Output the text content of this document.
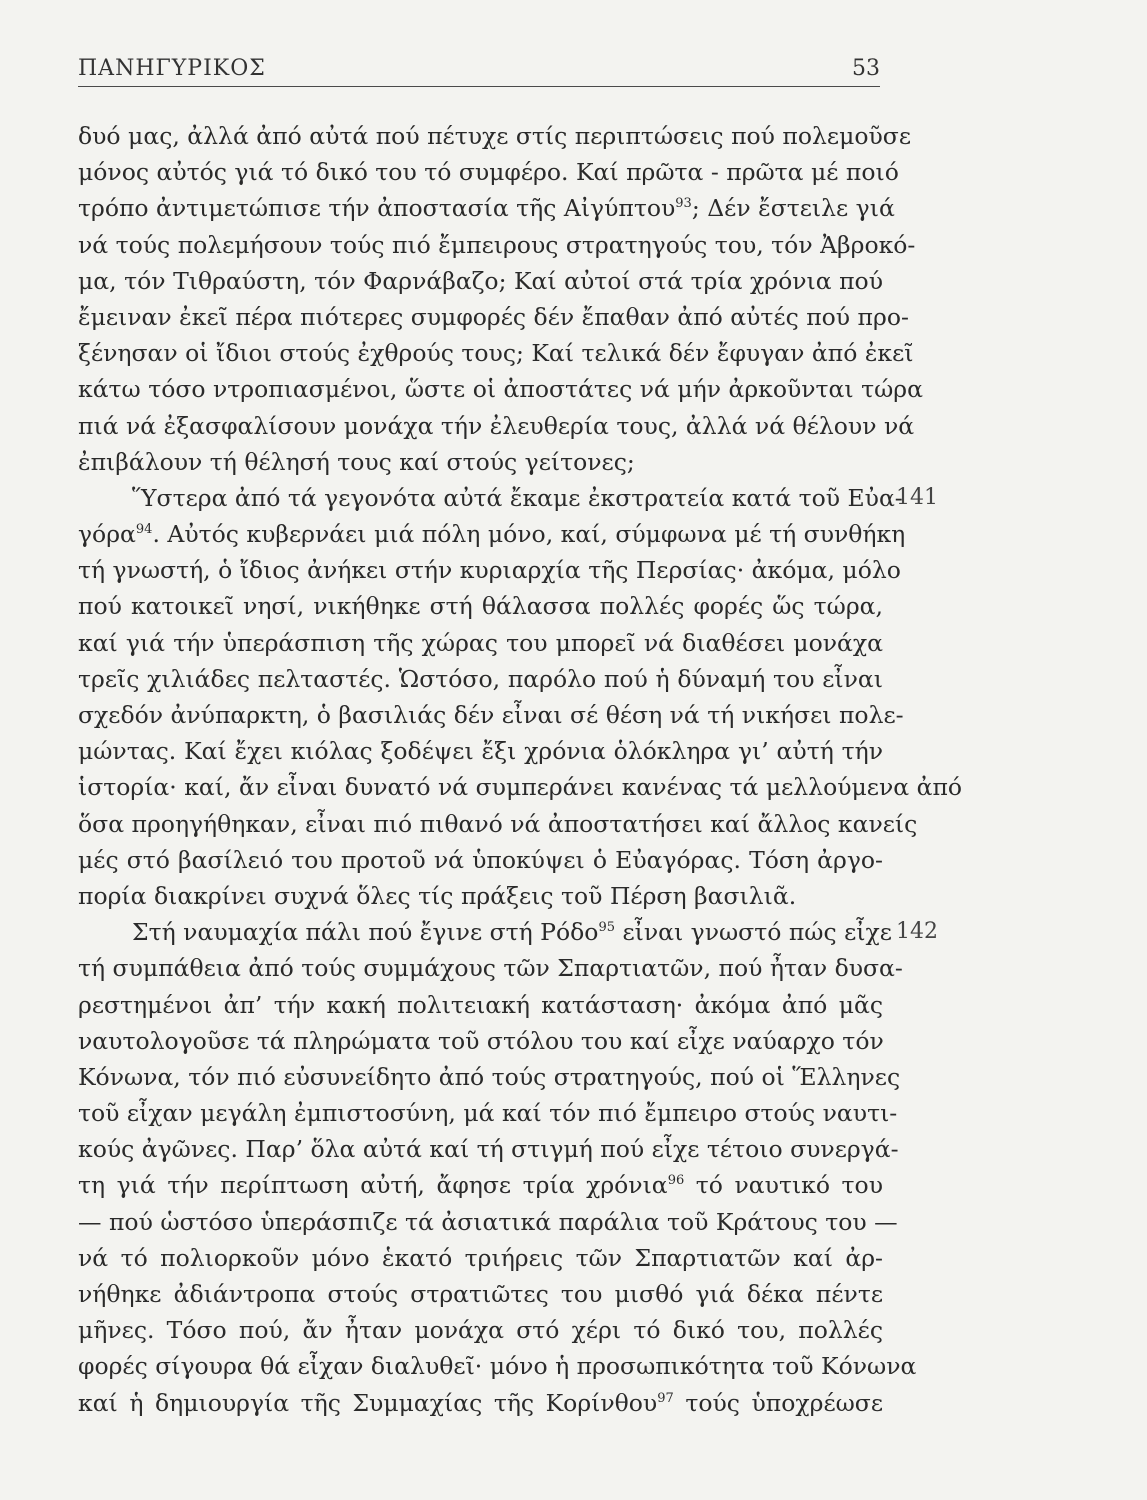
ΠΑΝΗΓΥΡΙΚΟΣ	53
δυό μας, ἀλλά ἀπό αὐτά πού πέτυχε στίς περιπτώσεις πού πολεμοῦσε
μόνος αὐτός γιά τό δικό του τό συμφέρο. Καί πρῶτα - πρῶτα μέ ποιό
τρόπο ἀντιμετώπισε τήν ἀποστασία τῆς Αἰγύπτου$^{93}$; Δέν ἔστειλε γιά
νά τούς πολεμήσουν τούς πιό ἔμπειρους στρατηγούς του, τόν Ἀβροκό-
μα, τόν Τιθραύστη, τόν Φαρνάβαζο; Καί αὐτοί στά τρία χρόνια πού
ἔμειναν ἐκεῖ πέρα πιότερες συμφορές δέν ἔπαθαν ἀπό αὐτές πού προ-
ξένησαν οἱ ἴδιοι στούς ἐχθρούς τους; Καί τελικά δέν ἔφυγαν ἀπό ἐκεῖ
κάτω τόσο ντροπιασμένοι, ὥστε οἱ ἀποστάτες νά μήν ἀρκοῦνται τώρα
πιά νά ἐξασφαλίσουν μονάχα τήν ἐλευθερία τους, ἀλλά νά θέλουν νά
ἐπιβάλουν τή θέλησή τους καί στούς γείτονες;
Ὕστερα ἀπό τά γεγονότα αὐτά ἔκαμε ἐκστρατεία κατά τοῦ Εὐα-
141
γόρα$^{94}$. Αὐτός κυβερνάει μιά πόλη μόνο, καί, σύμφωνα μέ τή συνθήκη
τή γνωστή, ὁ ἴδιος ἀνήκει στήν κυριαρχία τῆς Περσίας· ἀκόμα, μόλο
πού κατοικεῖ νησί, νικήθηκε στή θάλασσα πολλές φορές ὥς τώρα,
καί γιά τήν ὑπεράσπιση τῆς χώρας του μπορεῖ νά διαθέσει μονάχα
τρεῖς χιλιάδες πελταστές. Ὡστόσο, παρόλο πού ἡ δύναμή του εἶναι
σχεδόν ἀνύπαρκτη, ὁ βασιλιάς δέν εἶναι σέ θέση νά τή νικήσει πολε-
μώντας. Καί ἔχει κιόλας ξοδέψει ἔξι χρόνια ὁλόκληρα γι’ αὐτή τήν
ἱστορία· καί, ἄν εἶναι δυνατό νά συμπεράνει κανένας τά μελλούμενα ἀπό
ὅσα προηγήθηκαν, εἶναι πιό πιθανό νά ἀποστατήσει καί ἄλλος κανείς
μές στό βασίλειό του προτοῦ νά ὑποκύψει ὁ Εὐαγόρας. Τόση ἀργο-
πορία διακρίνει συχνά ὅλες τίς πράξεις τοῦ Πέρση βασιλιᾶ.
Στή ναυμαχία πάλι πού ἔγινε στή Ρόδο$^{95}$ εἶναι γνωστό πώς εἶχε 142
τή συμπάθεια ἀπό τούς συμμάχους τῶν Σπαρτιατῶν, πού ἦταν δυσα-
ρεστημένοι ἀπ’ τήν κακή πολιτειακή κατάσταση· ἀκόμα ἀπό μᾶς
ναυτολογοῦσε τά πληρώματα τοῦ στόλου του καί εἶχε ναύαρχο τόν
Κόνωνα, τόν πιό εὐσυνείδητο ἀπό τούς στρατηγούς, πού οἱ Ἕλληνες
τοῦ εἶχαν μεγάλη ἐμπιστοσύνη, μά καί τόν πιό ἔμπειρο στούς ναυτι-
κούς ἀγῶνες. Παρ’ ὅλα αὐτά καί τή στιγμή πού εἶχε τέτοιο συνεργά-
τη γιά τήν περίπτωση αὐτή, ἄφησε τρία χρόνια$^{96}$ τό ναυτικό του
— πού ὡστόσο ὑπεράσπιζε τά ἀσιατικά παράλια τοῦ Κράτους του —
νά τό πολιορκοῦν μόνο ἑκατό τριήρεις τῶν Σπαρτιατῶν καί ἀρ-
νήθηκε ἀδιάντροπα στούς στρατιῶτες του μισθό γιά δέκα πέντε
μῆνες. Τόσο πού, ἄν ἦταν μονάχα στό χέρι τό δικό του, πολλές
φορές σίγουρα θά εἶχαν διαλυθεῖ· μόνο ἡ προσωπικότητα τοῦ Κόνωνα
καί ἡ δημιουργία τῆς Συμμαχίας τῆς Κορίνθου$^{97}$ τούς ὑποχρέωσε
